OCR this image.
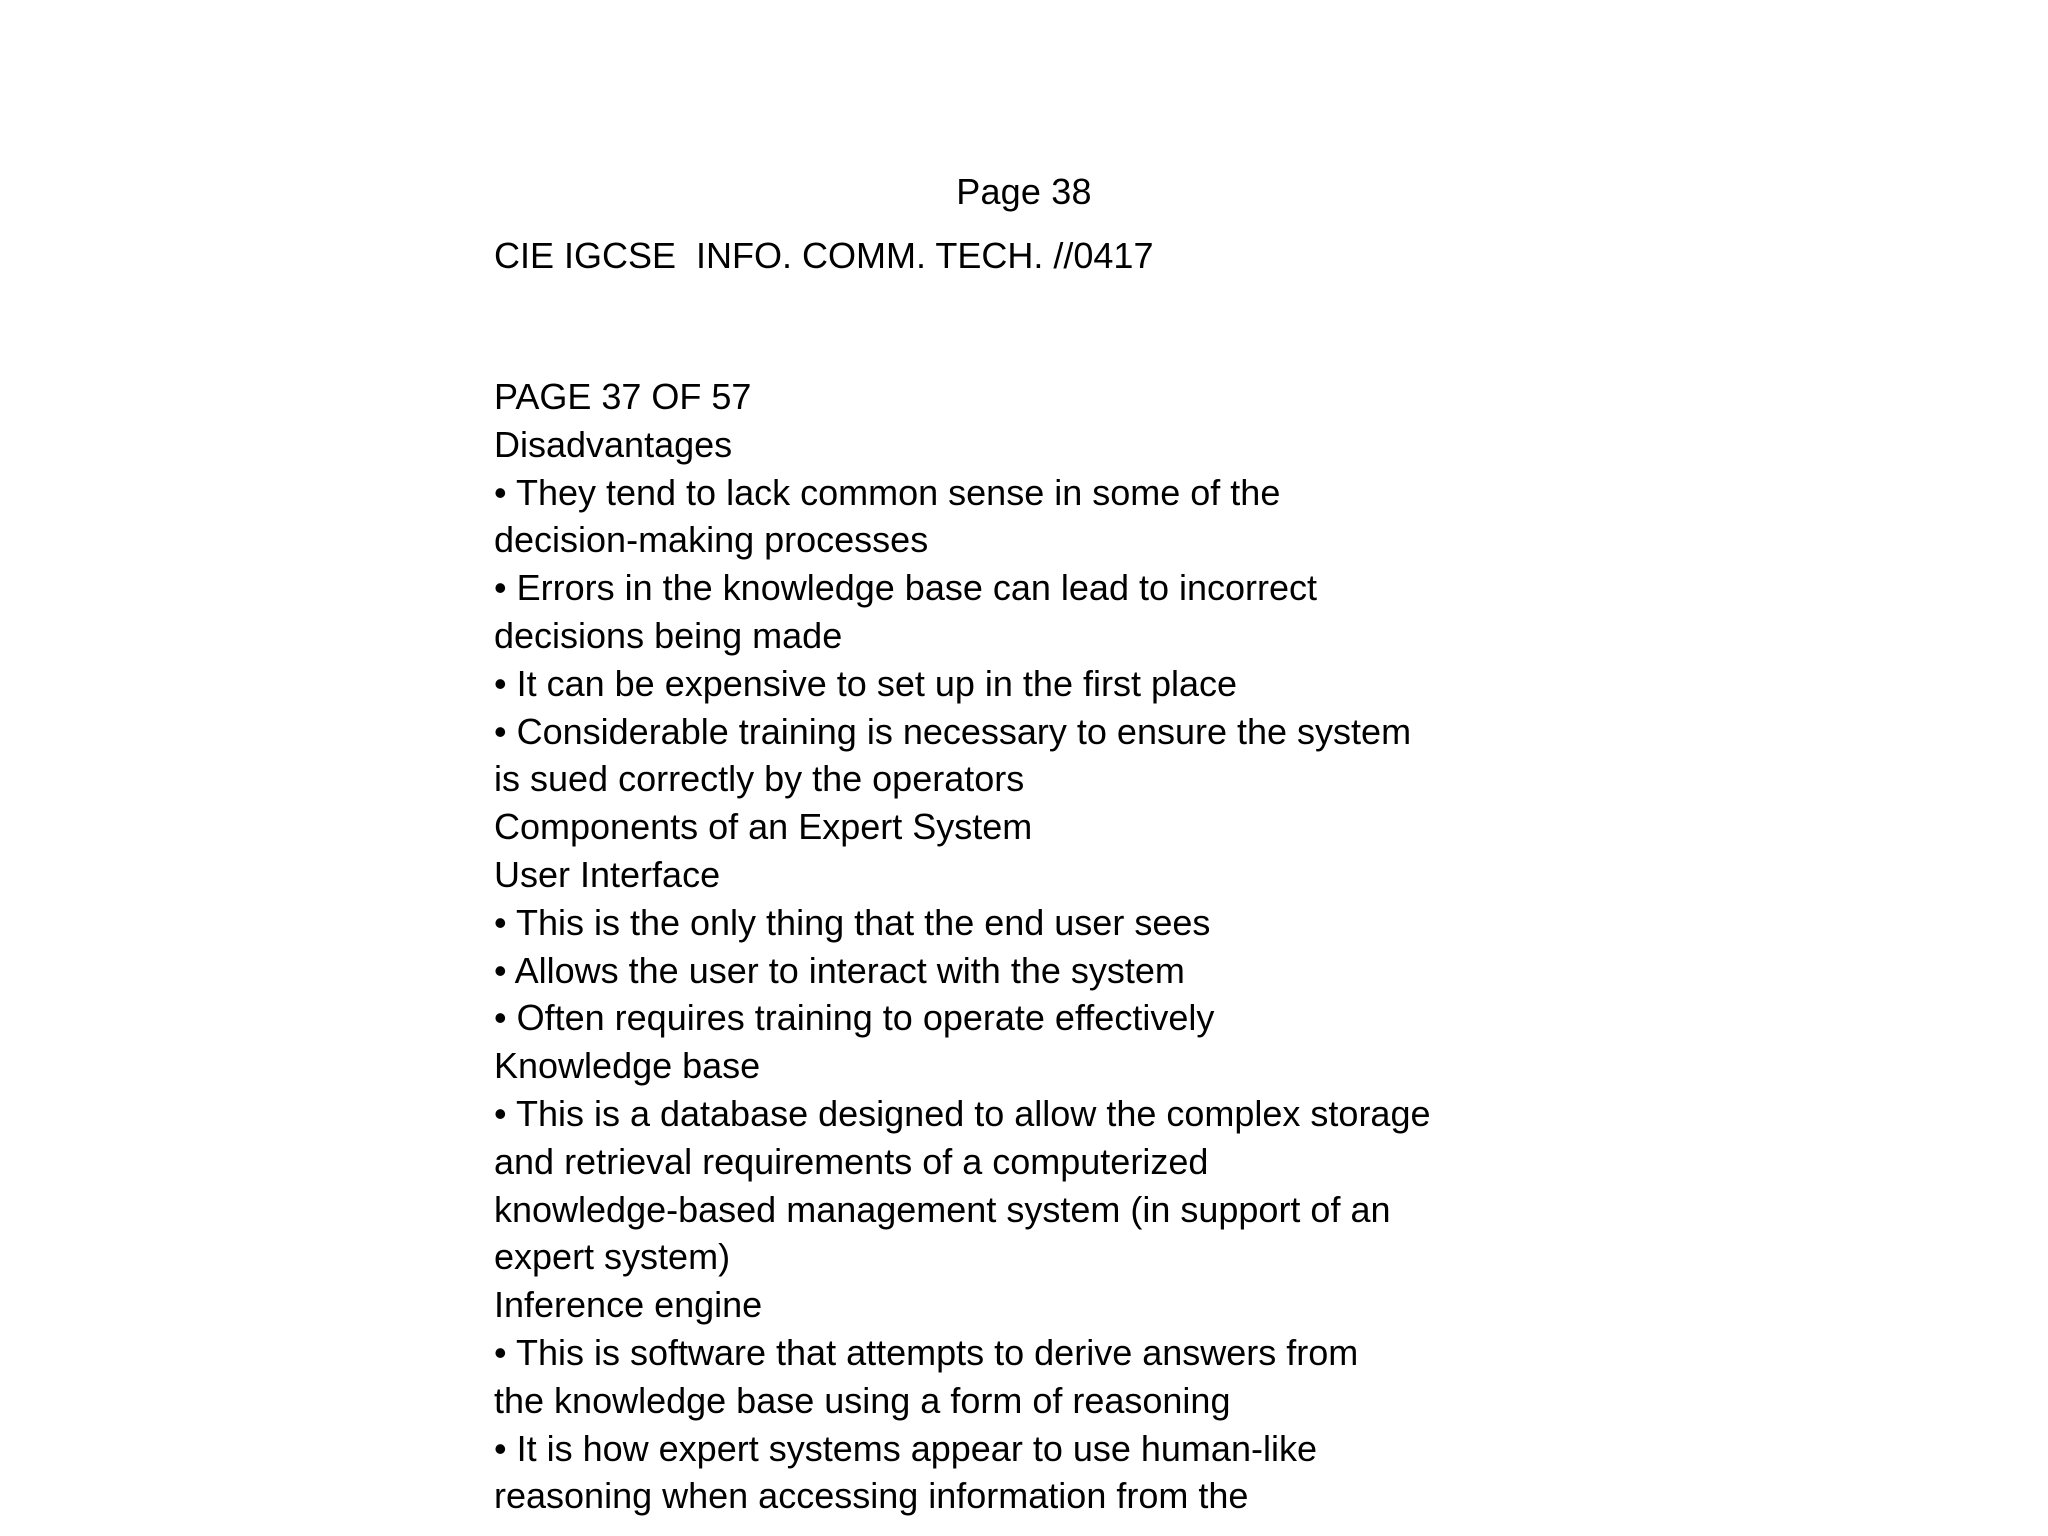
Page 38
CIE IGCSE  INFO. COMM. TECH. //0417
PAGE 37 OF 57
Disadvantages
• They tend to lack common sense in some of the
decision-making processes
• Errors in the knowledge base can lead to incorrect
decisions being made
• It can be expensive to set up in the first place
• Considerable training is necessary to ensure the system
is sued correctly by the operators
Components of an Expert System
User Interface
• This is the only thing that the end user sees
• Allows the user to interact with the system
• Often requires training to operate effectively
Knowledge base
• This is a database designed to allow the complex storage
and retrieval requirements of a computerized
knowledge-based management system (in support of an
expert system)
Inference engine
• This is software that attempts to derive answers from
the knowledge base using a form of reasoning
• It is how expert systems appear to use human-like
reasoning when accessing information from the
